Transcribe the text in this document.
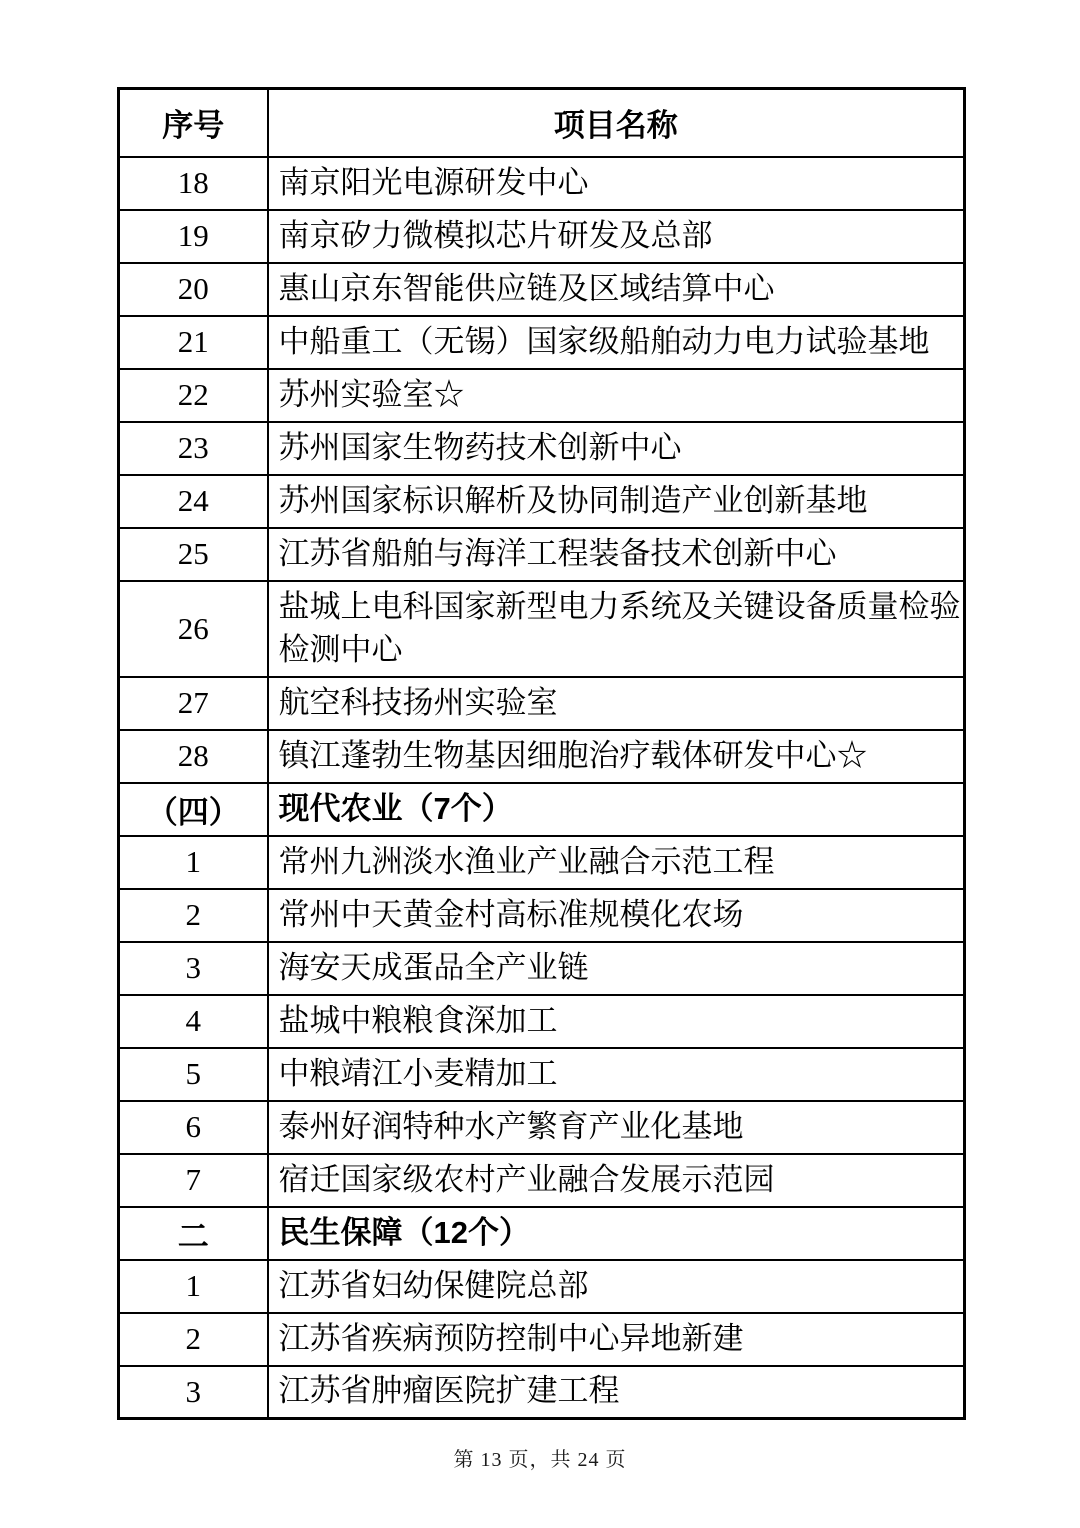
序号	项目名称
18	南京阳光电源研发中心
19	南京矽力微模拟芯片研发及总部
20	惠山京东智能供应链及区域结算中心
21	中船重工（无锡）国家级船舶动力电力试验基地
22	苏州实验室☆
23	苏州国家生物药技术创新中心
24	苏州国家标识解析及协同制造产业创新基地
25	江苏省船舶与海洋工程装备技术创新中心
26	盐城上电科国家新型电力系统及关键设备质量检验检测中心
27	航空科技扬州实验室
28	镇江蓬勃生物基因细胞治疗载体研发中心☆
（四）	现代农业（7个）
1	常州九洲淡水渔业产业融合示范工程
2	常州中天黄金村高标准规模化农场
3	海安天成蛋品全产业链
4	盐城中粮粮食深加工
5	中粮靖江小麦精加工
6	泰州好润特种水产繁育产业化基地
7	宿迁国家级农村产业融合发展示范园
二	民生保障（12个）
1	江苏省妇幼保健院总部
2	江苏省疾病预防控制中心异地新建
3	江苏省肿瘤医院扩建工程
第 13 页，共 24 页
